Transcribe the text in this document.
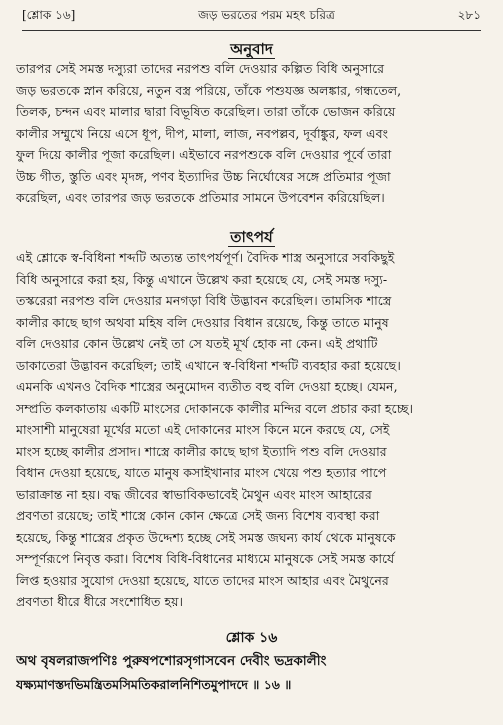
[শ্লোক ১৬]	জড় ভরতের পরম মহৎ চরিত্র	২৮১
অনুবাদ
তারপর সেই সমস্ত দস্যুরা তাদের নরপশু বলি দেওয়ার কল্পিত বিধি অনুসারে
জড় ভরতকে স্নান করিয়ে, নতুন বস্ত্র পরিয়ে, তাঁকে পশুযজ্ঞ অলঙ্কার, গন্ধতেল,
তিলক, চন্দন এবং মালার দ্বারা বিভূষিত করেছিল। তারা তাঁকে ভোজন করিয়ে
কালীর সম্মুখে নিয়ে এসে ধূপ, দীপ, মালা, লাজ, নবপল্লব, দূর্বাঙ্কুর, ফল এবং
ফুল দিয়ে কালীর পূজা করেছিল। এইভাবে নরপশুকে বলি দেওয়ার পূর্বে তারা
উচ্চ গীত, স্তুতি এবং মৃদঙ্গ, পণব ইত্যাদির উচ্চ নির্ঘোষের সঙ্গে প্রতিমার পূজা
করেছিল, এবং তারপর জড় ভরতকে প্রতিমার সামনে উপবেশন করিয়েছিল।
তাৎপর্য
এই শ্লোকে স্ব-বিধিনা শব্দটি অত্যন্ত তাৎপর্যপূর্ণ। বৈদিক শাস্ত্র অনুসারে সবকিছুই
বিধি অনুসারে করা হয়, কিন্তু এখানে উল্লেখ করা হয়েছে যে, সেই সমস্ত দস্যু-
তস্করেরা নরপশু বলি দেওয়ার মনগড়া বিধি উদ্ভাবন করেছিল। তামসিক শাস্ত্রে
কালীর কাছে ছাগ অথবা মহিষ বলি দেওয়ার বিধান রয়েছে, কিন্তু তাতে মানুষ
বলি দেওয়ার কোন উল্লেখ নেই তা সে যতই মূর্খ হোক না কেন। এই প্রথাটি
ডাকাতেরা উদ্ভাবন করেছিল; তাই এখানে স্ব-বিধিনা শব্দটি ব্যবহার করা হয়েছে।
এমনকি এখনও বৈদিক শাস্ত্রের অনুমোদন ব্যতীত বহু বলি দেওয়া হচ্ছে। যেমন,
সম্প্রতি কলকাতায় একটি মাংসের দোকানকে কালীর মন্দির বলে প্রচার করা হচ্ছে।
মাংসাশী মানুষেরা মূর্খের মতো এই দোকানের মাংস কিনে মনে করছে যে, সেই
মাংস হচ্ছে কালীর প্রসাদ। শাস্ত্রে কালীর কাছে ছাগ ইত্যাদি পশু বলি দেওয়ার
বিধান দেওয়া হয়েছে, যাতে মানুষ কসাইখানার মাংস খেয়ে পশু হত্যার পাপে
ভারাক্রান্ত না হয়। বদ্ধ জীবের স্বাভাবিকভাবেই মৈথুন এবং মাংস আহারের
প্রবণতা রয়েছে; তাই শাস্ত্রে কোন কোন ক্ষেত্রে সেই জন্য বিশেষ ব্যবস্থা করা
হয়েছে, কিন্তু শাস্ত্রের প্রকৃত উদ্দেশ্য হচ্ছে সেই সমস্ত জঘন্য কার্য থেকে মানুষকে
সম্পূর্ণরূপে নিবৃত্ত করা। বিশেষ বিধি-বিধানের মাধ্যমে মানুষকে সেই সমস্ত কার্যে
লিপ্ত হওয়ার সুযোগ দেওয়া হয়েছে, যাতে তাদের মাংস আহার এবং মৈথুনের
প্রবণতা ধীরে ধীরে সংশোধিত হয়।
শ্লোক ১৬
অথ বৃষলরাজপণিঃ পুরুষপশোরসৃগাসবেন দেবীং ভদ্রকালীং
যক্ষ্যমাণস্তদভিমন্ত্রিতমসিমতিকরালনিশিতমুপাদদে ॥ ১৬ ॥
